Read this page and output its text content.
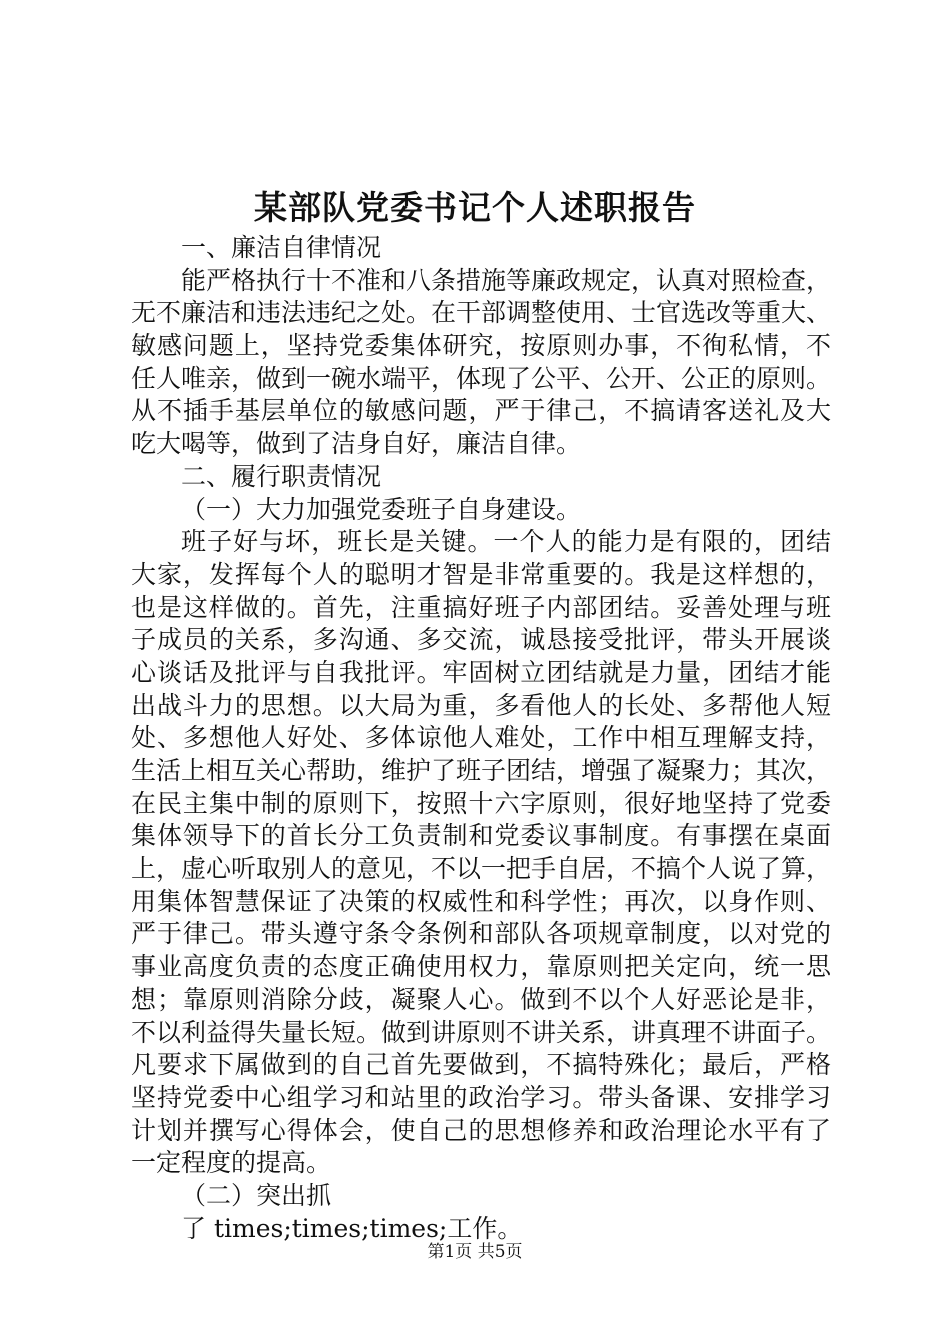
某部队党委书记个人述职报告
一、廉洁自律情况
能严格执行十不准和八条措施等廉政规定，认真对照检查，
无不廉洁和违法违纪之处。在干部调整使用、士官选改等重大、
敏感问题上，坚持党委集体研究，按原则办事，不徇私情，不
任人唯亲，做到一碗水端平，体现了公平、公开、公正的原则。
从不插手基层单位的敏感问题，严于律己，不搞请客送礼及大
吃大喝等，做到了洁身自好，廉洁自律。
二、履行职责情况
（一）大力加强党委班子自身建设。
班子好与坏，班长是关键。一个人的能力是有限的，团结
大家，发挥每个人的聪明才智是非常重要的。我是这样想的，
也是这样做的。首先，注重搞好班子内部团结。妥善处理与班
子成员的关系，多沟通、多交流，诚恳接受批评，带头开展谈
心谈话及批评与自我批评。牢固树立团结就是力量，团结才能
出战斗力的思想。以大局为重，多看他人的长处、多帮他人短
处、多想他人好处、多体谅他人难处，工作中相互理解支持，
生活上相互关心帮助，维护了班子团结，增强了凝聚力；其次，
在民主集中制的原则下，按照十六字原则，很好地坚持了党委
集体领导下的首长分工负责制和党委议事制度。有事摆在桌面
上，虚心听取别人的意见，不以一把手自居，不搞个人说了算，
用集体智慧保证了决策的权威性和科学性；再次，以身作则、
严于律己。带头遵守条令条例和部队各项规章制度，以对党的
事业高度负责的态度正确使用权力，靠原则把关定向，统一思
想；靠原则消除分歧，凝聚人心。做到不以个人好恶论是非，
不以利益得失量长短。做到讲原则不讲关系，讲真理不讲面子。
凡要求下属做到的自己首先要做到，不搞特殊化；最后，严格
坚持党委中心组学习和站里的政治学习。带头备课、安排学习
计划并撰写心得体会，使自己的思想修养和政治理论水平有了
一定程度的提高。
（二）突出抓
了 times;times;times;工作。
第1页 共5页
